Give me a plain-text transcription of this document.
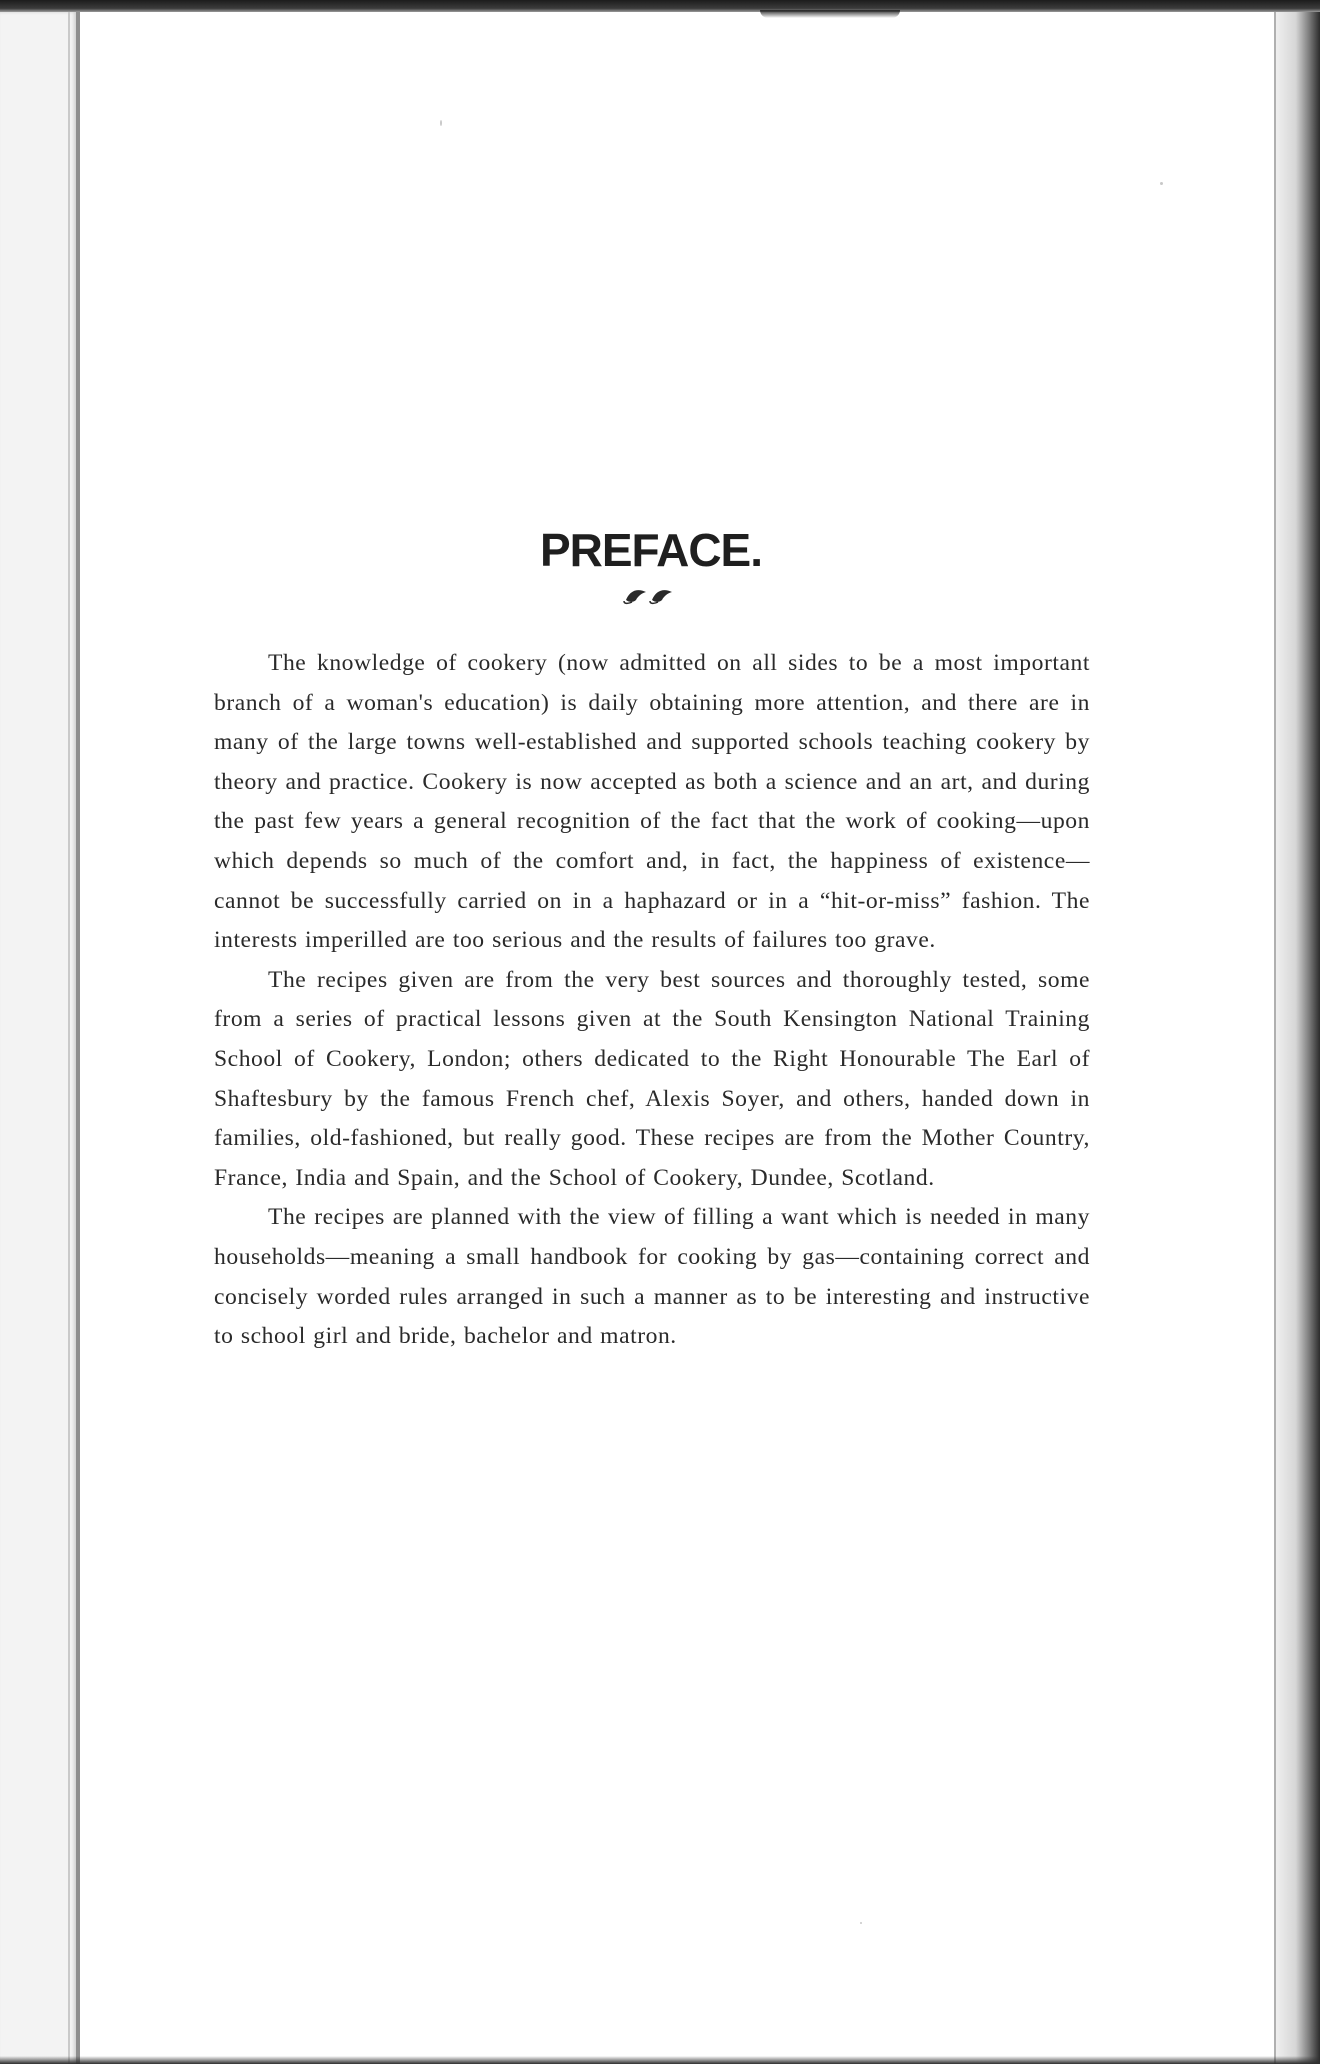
PREFACE.

The knowledge of cookery (now admitted on all sides to be a most important branch of a woman's education) is daily obtaining more attention, and there are in many of the large towns well-established and supported schools teaching cookery by theory and practice. Cookery is now accepted as both a science and an art, and during the past few years a general recognition of the fact that the work of cooking—upon which depends so much of the comfort and, in fact, the happiness of existence—cannot be successfully carried on in a haphazard or in a “hit-or-miss” fashion. The interests imperilled are too serious and the results of failures too grave.

The recipes given are from the very best sources and thoroughly tested, some from a series of practical lessons given at the South Kensington National Training School of Cookery, London; others dedicated to the Right Honourable The Earl of Shaftesbury by the famous French chef, Alexis Soyer, and others, handed down in families, old-fashioned, but really good. These recipes are from the Mother Country, France, India and Spain, and the School of Cookery, Dundee, Scotland.

The recipes are planned with the view of filling a want which is needed in many households—meaning a small handbook for cooking by gas—containing correct and concisely worded rules arranged in such a manner as to be interesting and instructive to school girl and bride, bachelor and matron.
